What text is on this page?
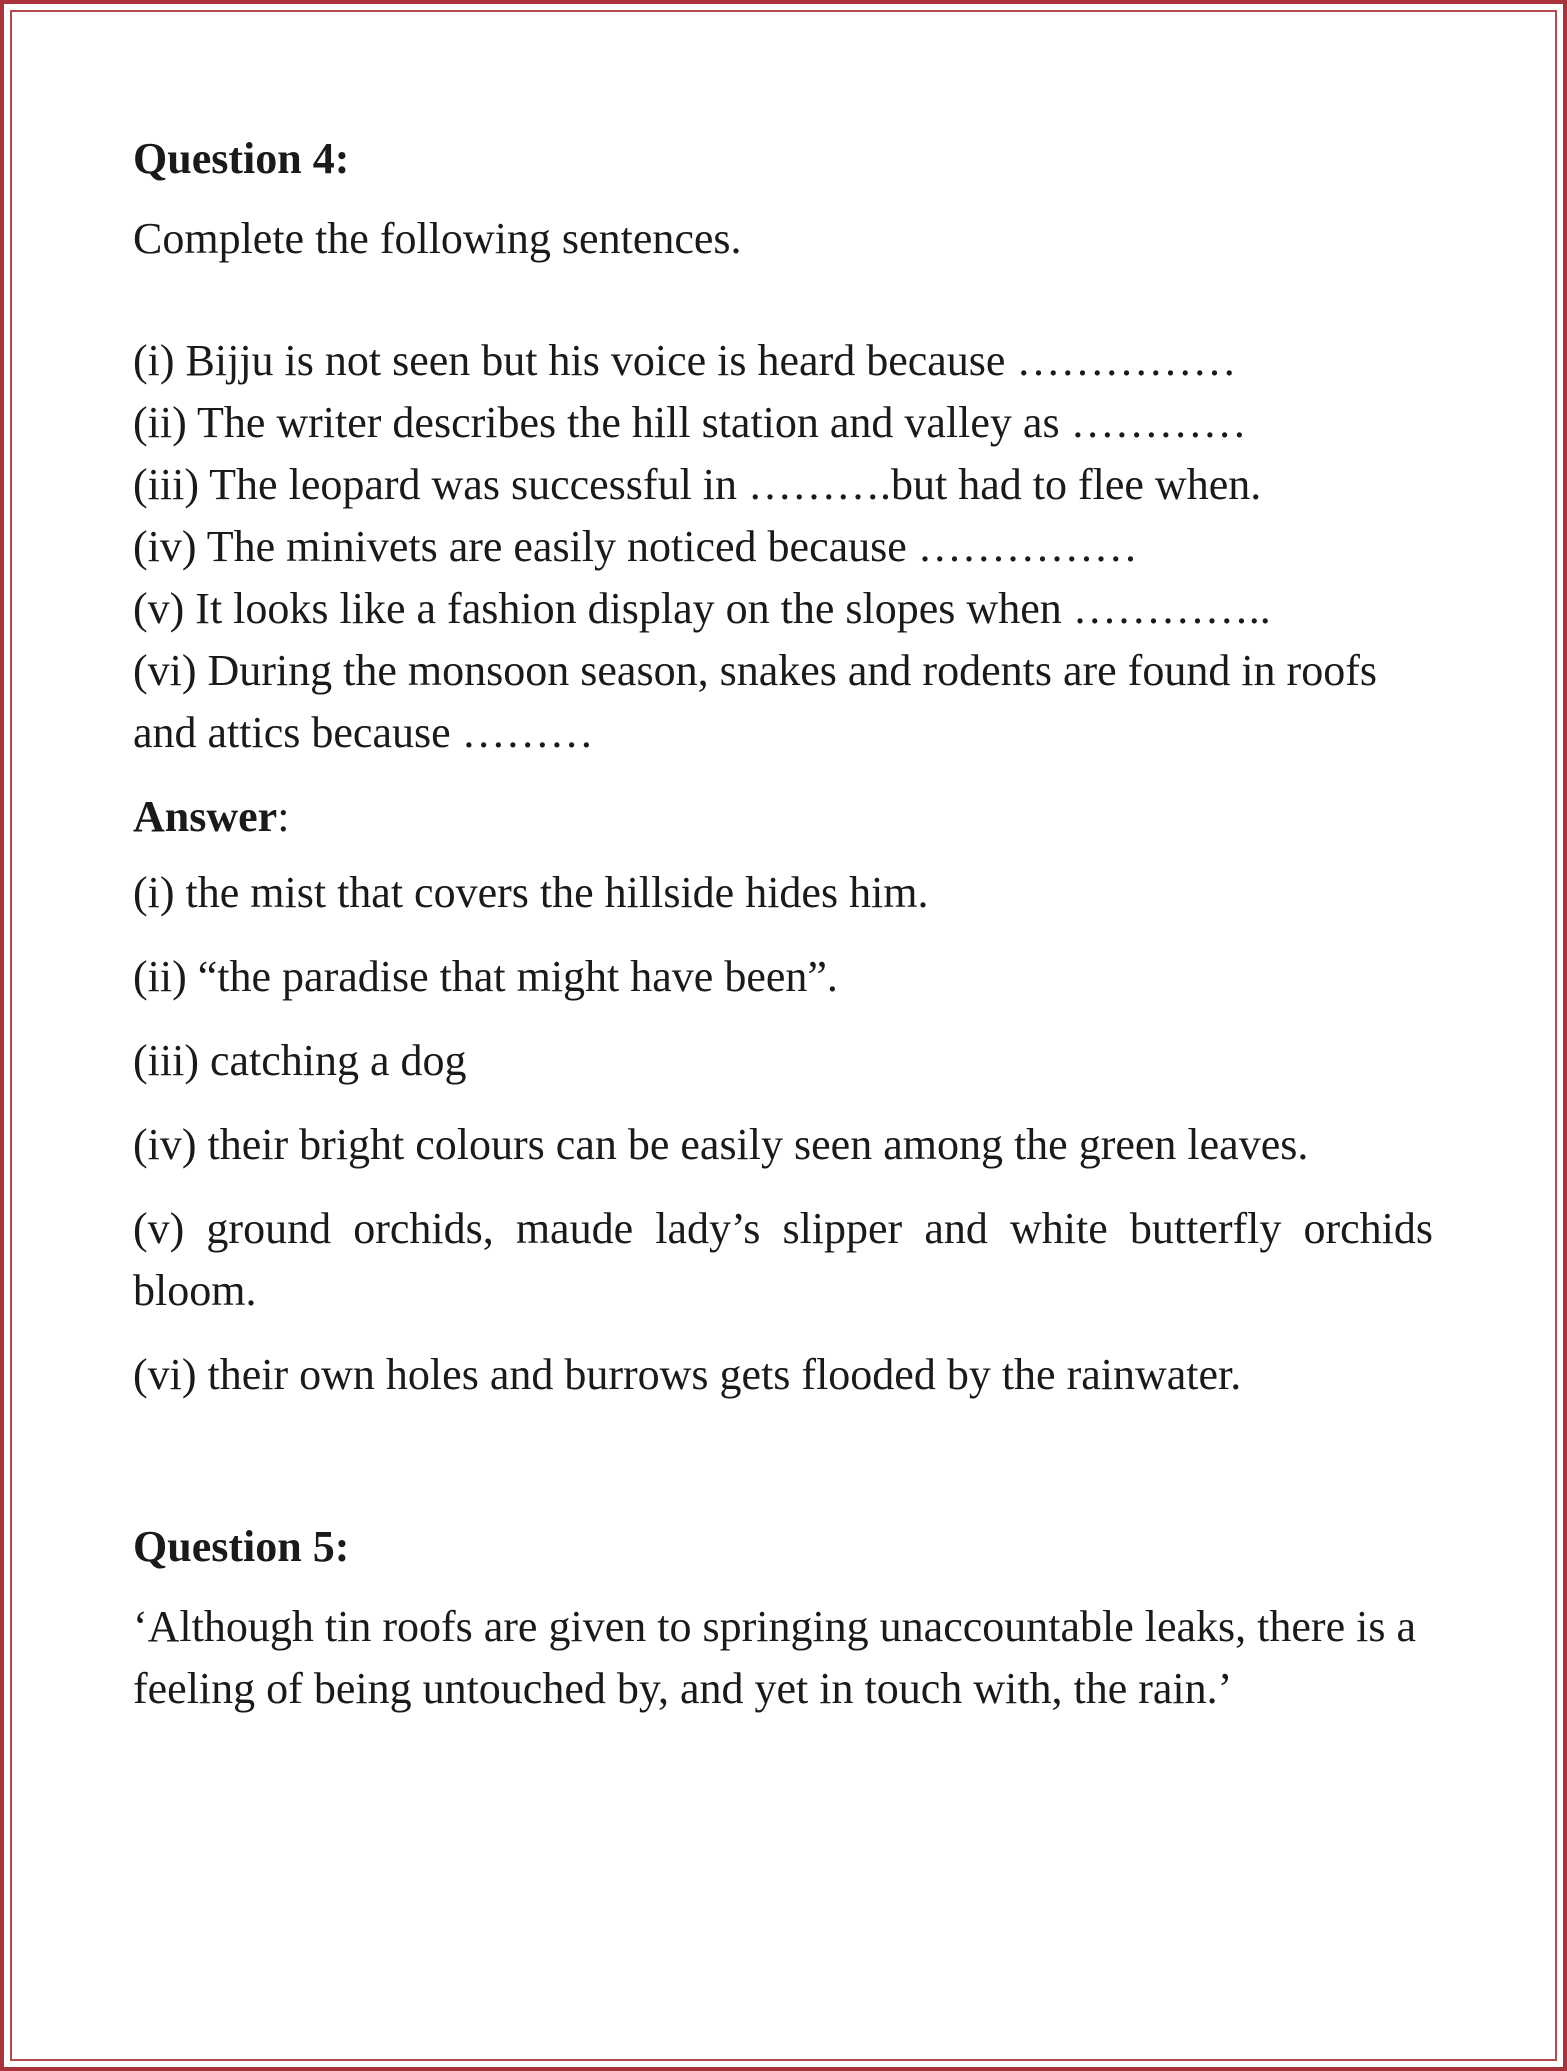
Question 4:

Complete the following sentences.

(i) Bijju is not seen but his voice is heard because ……………

(ii) The writer describes the hill station and valley as …………

(iii) The leopard was successful in ……….but had to flee when.

(iv) The minivets are easily noticed because ……………

(v) It looks like a fashion display on the slopes when …………..

(vi) During the monsoon season, snakes and rodents are found in roofs and attics because ………

Answer:

(i) the mist that covers the hillside hides him.

(ii) “the paradise that might have been”.

(iii) catching a dog

(iv) their bright colours can be easily seen among the green leaves.

(v) ground orchids, maude lady’s slipper and white butterfly orchids bloom.

(vi) their own holes and burrows gets flooded by the rainwater.

Question 5:

‘Although tin roofs are given to springing unaccountable leaks, there is a feeling of being untouched by, and yet in touch with, the rain.’
